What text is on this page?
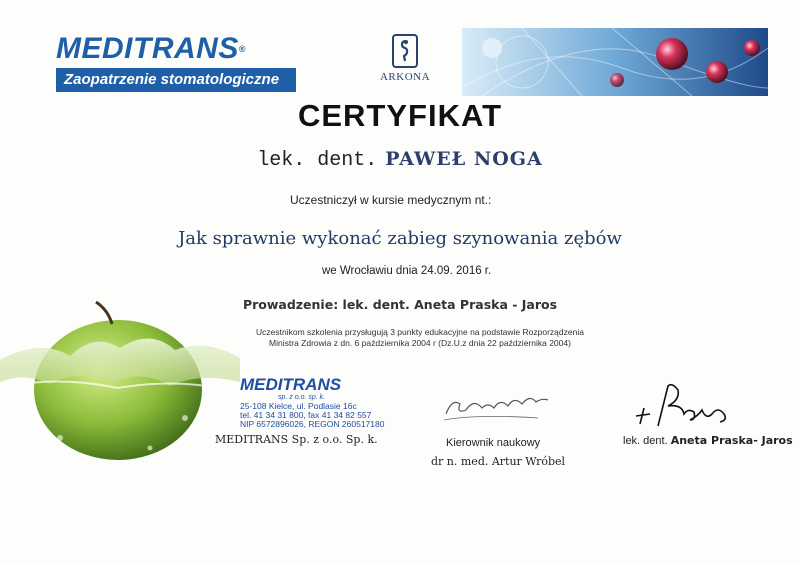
MEDITRANS®
Zaopatrzenie stomatologiczne	ARKONA
CERTYFIKAT
lek. dent. PAWEŁ NOGA
Uczestniczył w kursie medycznym nt.:
Jak sprawnie wykonać zabieg szynowania zębów
we Wrocławiu dnia 24.09. 2016 r.
Prowadzenie: lek. dent. Aneta Praska - Jaros
Uczestnikom szkolenia przysługują 3 punkty edukacyjne na podstawie Rozporządzenia
Ministra Zdrowia z dn. 6 października 2004 r (Dz.U.z dnia 22 października 2004)
MEDITRANS
sp. z o.o. sp. k.
25-108 Kielce, ul. Podlasie 16c
tel. 41 34 31 800, fax 41 34 82 557
NIP 6572896026, REGON 260517180
MEDITRANS Sp. z o.o. Sp. k.	Kierownik naukowy
dr n. med. Artur Wróbel
lek. dent. Aneta Praska- Jaros
